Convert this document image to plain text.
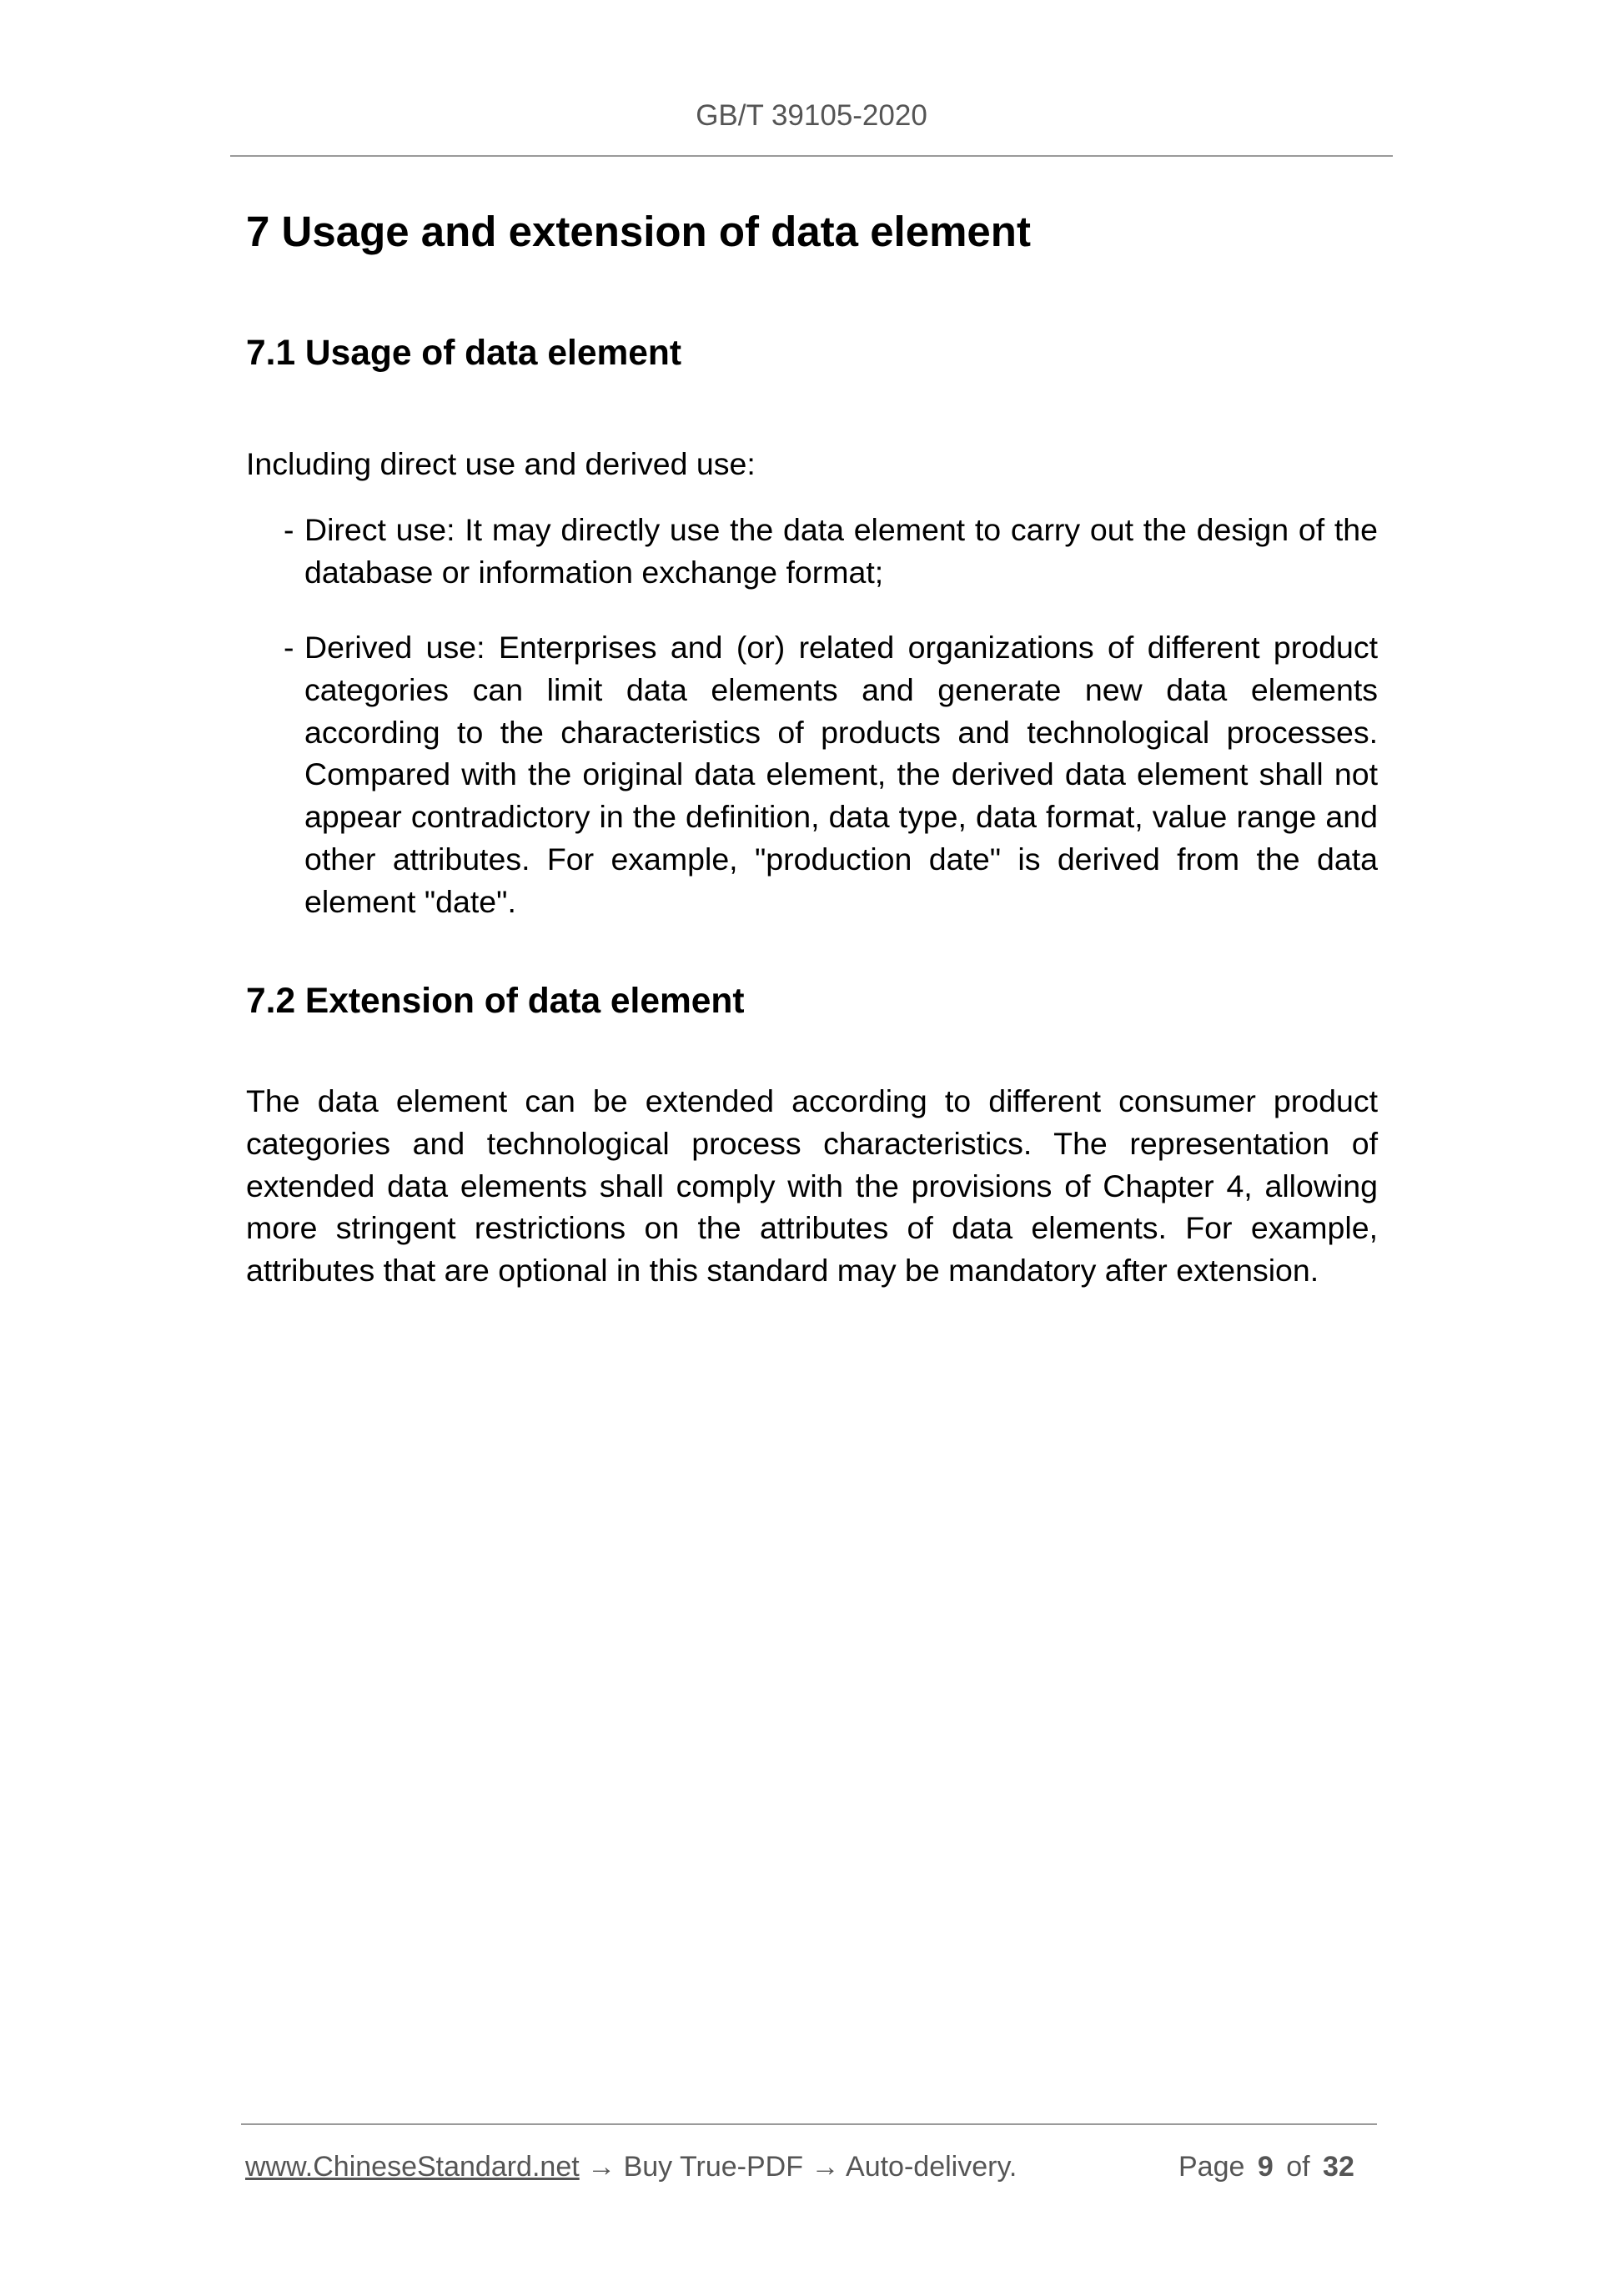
GB/T 39105-2020
7 Usage and extension of data element
7.1 Usage of data element
Including direct use and derived use:
- Direct use: It may directly use the data element to carry out the design of the database or information exchange format;
- Derived use: Enterprises and (or) related organizations of different product categories can limit data elements and generate new data elements according to the characteristics of products and technological processes. Compared with the original data element, the derived data element shall not appear contradictory in the definition, data type, data format, value range and other attributes. For example, "production date" is derived from the data element "date".
7.2 Extension of data element
The data element can be extended according to different consumer product categories and technological process characteristics. The representation of extended data elements shall comply with the provisions of Chapter 4, allowing more stringent restrictions on the attributes of data elements. For example, attributes that are optional in this standard may be mandatory after extension.
www.ChineseStandard.net → Buy True-PDF → Auto-delivery.	Page 9 of 32
